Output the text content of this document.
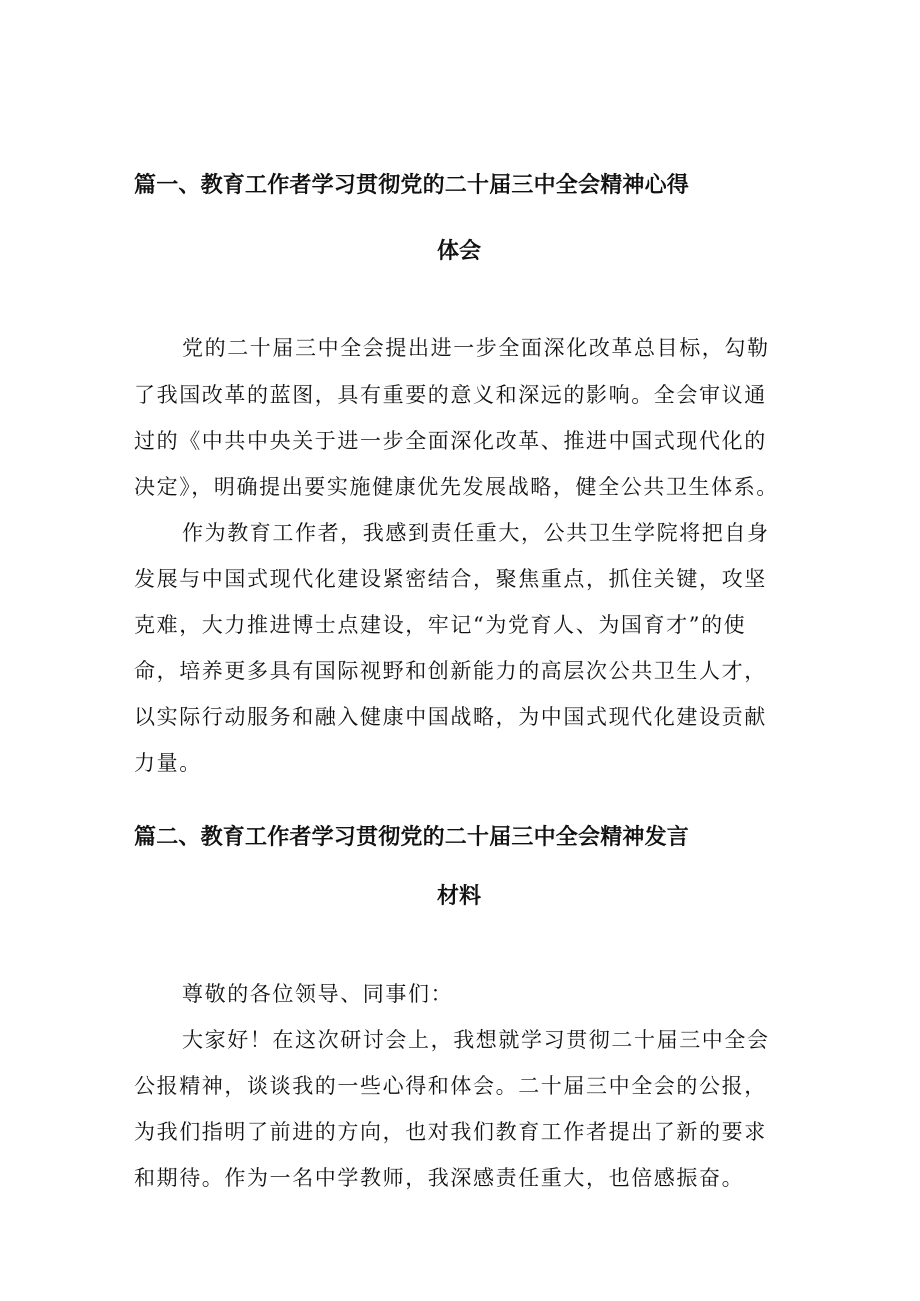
篇一、教育工作者学习贯彻党的二十届三中全会精神心得
体会
党的二十届三中全会提出进一步全面深化改革总目标，勾勒
了我国改革的蓝图，具有重要的意义和深远的影响。全会审议通
过的《中共中央关于进一步全面深化改革、推进中国式现代化的
决定》，明确提出要实施健康优先发展战略，健全公共卫生体系。
作为教育工作者，我感到责任重大，公共卫生学院将把自身
发展与中国式现代化建设紧密结合，聚焦重点，抓住关键，攻坚
克难，大力推进博士点建设，牢记“为党育人、为国育才”的使
命，培养更多具有国际视野和创新能力的高层次公共卫生人才，
以实际行动服务和融入健康中国战略，为中国式现代化建设贡献
力量。
篇二、教育工作者学习贯彻党的二十届三中全会精神发言
材料
尊敬的各位领导、同事们：
大家好！在这次研讨会上，我想就学习贯彻二十届三中全会
公报精神，谈谈我的一些心得和体会。二十届三中全会的公报，
为我们指明了前进的方向，也对我们教育工作者提出了新的要求
和期待。作为一名中学教师，我深感责任重大，也倍感振奋。
